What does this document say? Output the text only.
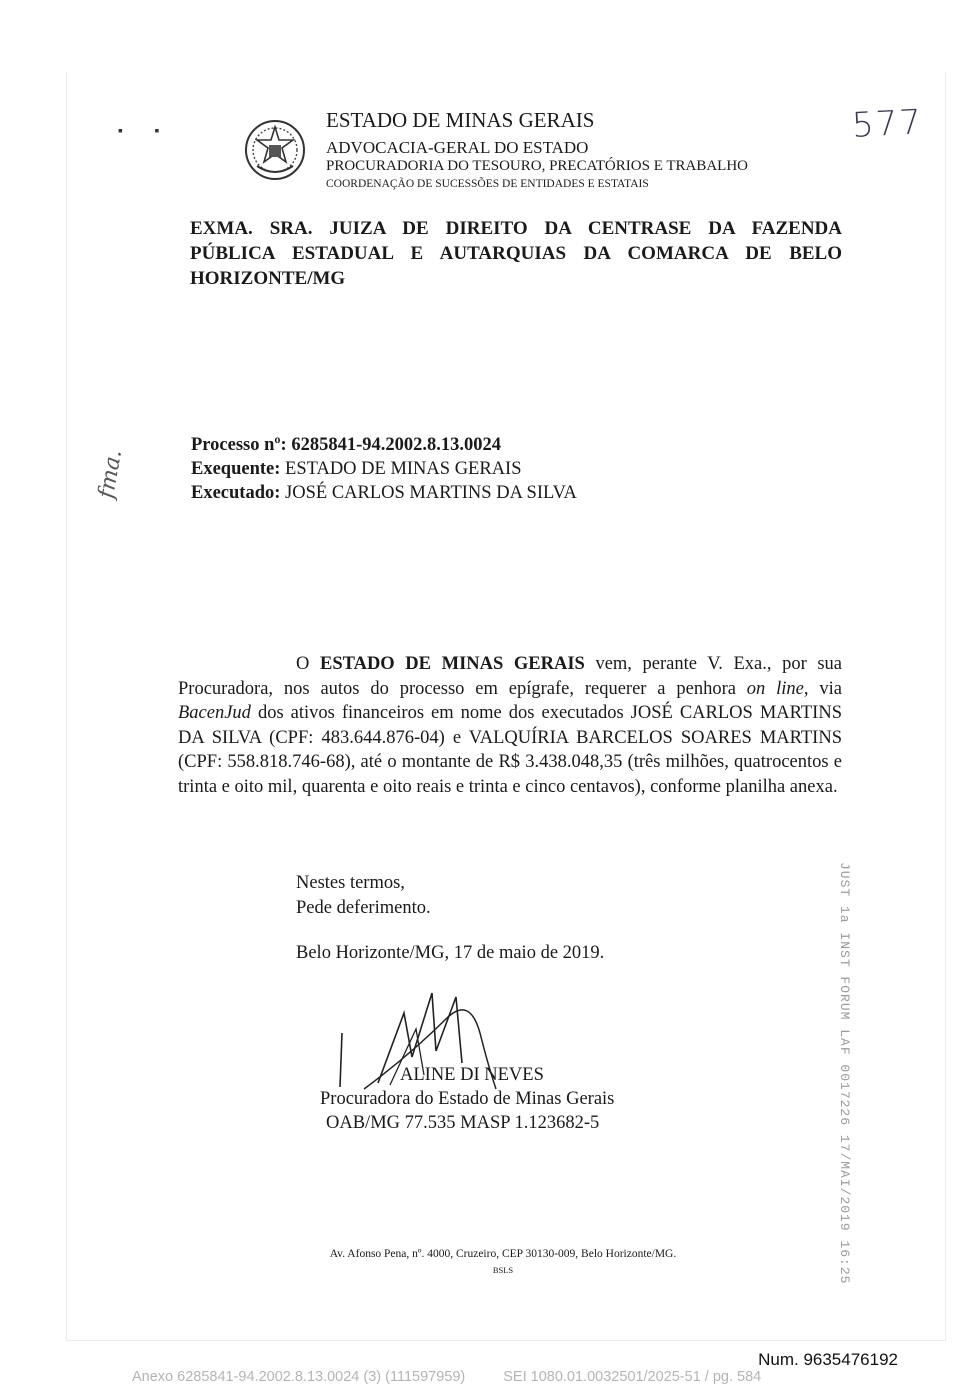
▪         ▪	ESTADO DE MINAS GERAIS
ADVOCACIA-GERAL DO ESTADO
PROCURADORIA DO TESOURO, PRECATÓRIOS E TRABALHO
COORDENAÇÃO DE SUCESSÕES DE ENTIDADES E ESTATAIS
577
EXMA. SRA. JUIZA DE DIREITO DA CENTRASE DA FAZENDA
PÚBLICA ESTADUAL E AUTARQUIAS DA COMARCA DE BELO
HORIZONTE/MG
Processo nº: 6285841-94.2002.8.13.0024
Exequente: ESTADO DE MINAS GERAIS
Executado: JOSÉ CARLOS MARTINS DA SILVA
fma.
O ESTADO DE MINAS GERAIS vem, perante V. Exa., por sua Procuradora, nos autos do processo em epígrafe, requerer a penhora on line, via BacenJud dos ativos financeiros em nome dos executados JOSÉ CARLOS MARTINS DA SILVA (CPF: 483.644.876-04) e VALQUÍRIA BARCELOS SOARES MARTINS (CPF: 558.818.746-68), até o montante de R$ 3.438.048,35 (três milhões, quatrocentos e trinta e oito mil, quarenta e oito reais e trinta e cinco centavos), conforme planilha anexa.
Nestes termos,
Pede deferimento.
Belo Horizonte/MG, 17 de maio de 2019.
ALINE DI NEVES
Procuradora do Estado de Minas Gerais
OAB/MG 77.535 MASP 1.123682-5	JUST 1a INST FORUM LAF 0017226 17/MAI/2019 16:25
Av. Afonso Pena, nº. 4000, Cruzeiro, CEP 30130-009, Belo Horizonte/MG.
BSLS
Num. 9635476192
Anexo 6285841-94.2002.8.13.0024 (3) (111597959)	SEI 1080.01.0032501/2025-51 / pg. 584
